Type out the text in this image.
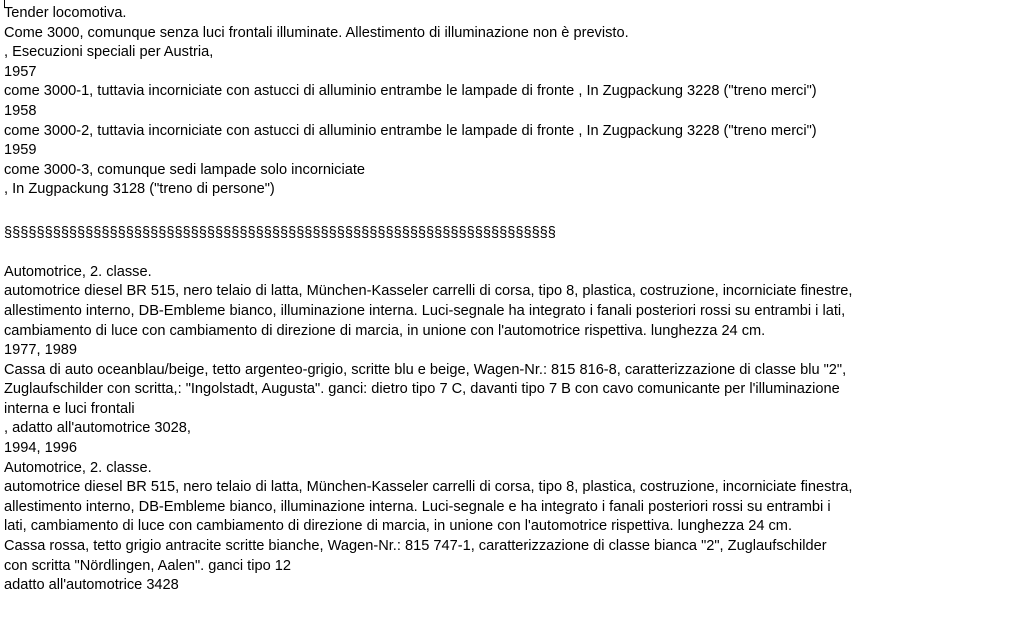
Tender locomotiva.
Come 3000, comunque senza luci frontali illuminate. Allestimento di illuminazione non è previsto.
, Esecuzioni speciali per Austria,
1957
come 3000-1, tuttavia incorniciate con astucci di alluminio entrambe le lampade di fronte , In Zugpackung 3228 ("treno merci")
1958
come 3000-2, tuttavia incorniciate con astucci di alluminio entrambe le lampade di fronte , In Zugpackung 3228 ("treno merci")
1959
come 3000-3, comunque sedi lampade solo incorniciate
, In Zugpackung 3128 ("treno di persone")
§§§§§§§§§§§§§§§§§§§§§§§§§§§§§§§§§§§§§§§§§§§§§§§§§§§§§§§§§§§§§§§§§§§§
Automotrice, 2. classe.
automotrice diesel BR 515, nero telaio di latta, München-Kasseler carrelli di corsa, tipo 8, plastica, costruzione, incorniciate finestre,
allestimento interno, DB-Embleme bianco, illuminazione interna. Luci-segnale ha integrato i fanali posteriori rossi su entrambi i lati,
cambiamento di luce con cambiamento di direzione di marcia, in unione con l'automotrice rispettiva. lunghezza 24 cm.
1977, 1989
Cassa di auto oceanblau/beige, tetto argenteo-grigio, scritte blu e beige, Wagen-Nr.: 815 816-8, caratterizzazione di classe blu "2",
Zuglaufschilder con scritta,: "Ingolstadt, Augusta". ganci: dietro tipo 7 C, davanti tipo 7 B con cavo comunicante per l'illuminazione
interna e luci frontali
, adatto all'automotrice 3028,
1994, 1996
Automotrice, 2. classe.
automotrice diesel BR 515, nero telaio di latta, München-Kasseler carrelli di corsa, tipo 8, plastica, costruzione, incorniciate finestra,
allestimento interno, DB-Embleme bianco, illuminazione interna. Luci-segnale e ha integrato i fanali posteriori rossi su entrambi i
lati, cambiamento di luce con cambiamento di direzione di marcia, in unione con l'automotrice rispettiva. lunghezza 24 cm.
Cassa rossa, tetto grigio antracite scritte bianche, Wagen-Nr.: 815 747-1, caratterizzazione di classe bianca "2", Zuglaufschilder
con scritta "Nördlingen, Aalen". ganci tipo 12
adatto all'automotrice 3428
